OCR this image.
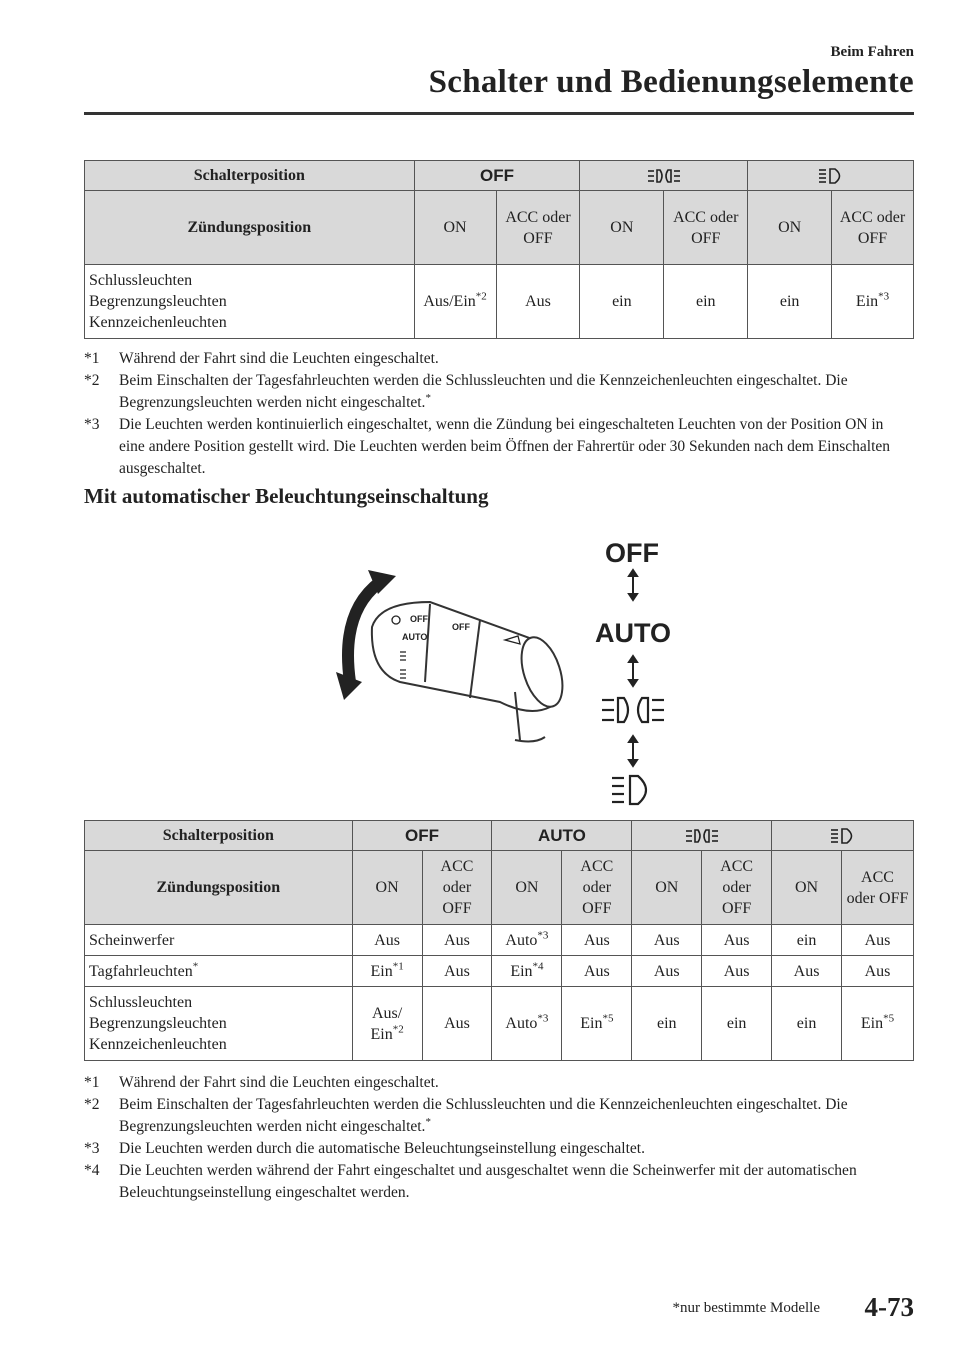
Beim Fahren
Schalter und Bedienungselemente
Schalterposition	OFF		
Zündungsposition	ON	ACC oder OFF	ON	ACC oder OFF	ON	ACC oder OFF

Schlussleuchten
Begrenzungsleuchten
Kennzeichenleuchten	Aus/Ein$^{*2}$	Aus	ein	ein	ein	Ein$^{*3}$
*1	Während der Fahrt sind die Leuchten eingeschaltet.
*2	Beim Einschalten der Tagesfahrleuchten werden die Schlussleuchten und die Kennzeichenleuchten eingeschaltet. Die Begrenzungsleuchten werden nicht eingeschaltet.*
*3	Die Leuchten werden kontinuierlich eingeschaltet, wenn die Zündung bei eingeschalteten Leuchten von der Position ON in eine andere Position gestellt wird. Die Leuchten werden beim Öffnen der Fahrertür oder 30 Sekunden nach dem Einschalten ausgeschaltet.
Mit automatischer Beleuchtungseinschaltung
OFF
AUTO
OFF
OFF
AUTO
Schalterposition	OFF		AUTO		
Zündungsposition	ON	ACC oder OFF	ON	ACC oder OFF	ON	ACC oder OFF	ON	ACC oder OFF
Scheinwerfer	Aus	Aus	Auto$^{*3}$	Aus	Aus	Aus	ein	Aus
Tagfahrleuchten*	Ein$^{*1}$	Aus	Ein$^{*4}$	Aus	Aus	Aus	Aus	Aus

Schlussleuchten
Begrenzungsleuchten
Kennzeichenleuchten	Aus/ Ein$^{*2}$	Aus	Auto$^{*3}$	Ein$^{*5}$	ein	ein	ein	Ein$^{*5}$
*1	Während der Fahrt sind die Leuchten eingeschaltet.
*2	Beim Einschalten der Tagesfahrleuchten werden die Schlussleuchten und die Kennzeichenleuchten eingeschaltet. Die Begrenzungsleuchten werden nicht eingeschaltet.*
*3	Die Leuchten werden durch die automatische Beleuchtungseinstellung eingeschaltet.
*4	Die Leuchten werden während der Fahrt eingeschaltet und ausgeschaltet wenn die Scheinwerfer mit der automatischen Beleuchtungseinstellung eingeschaltet werden.
*nur bestimmte Modelle 4-73
